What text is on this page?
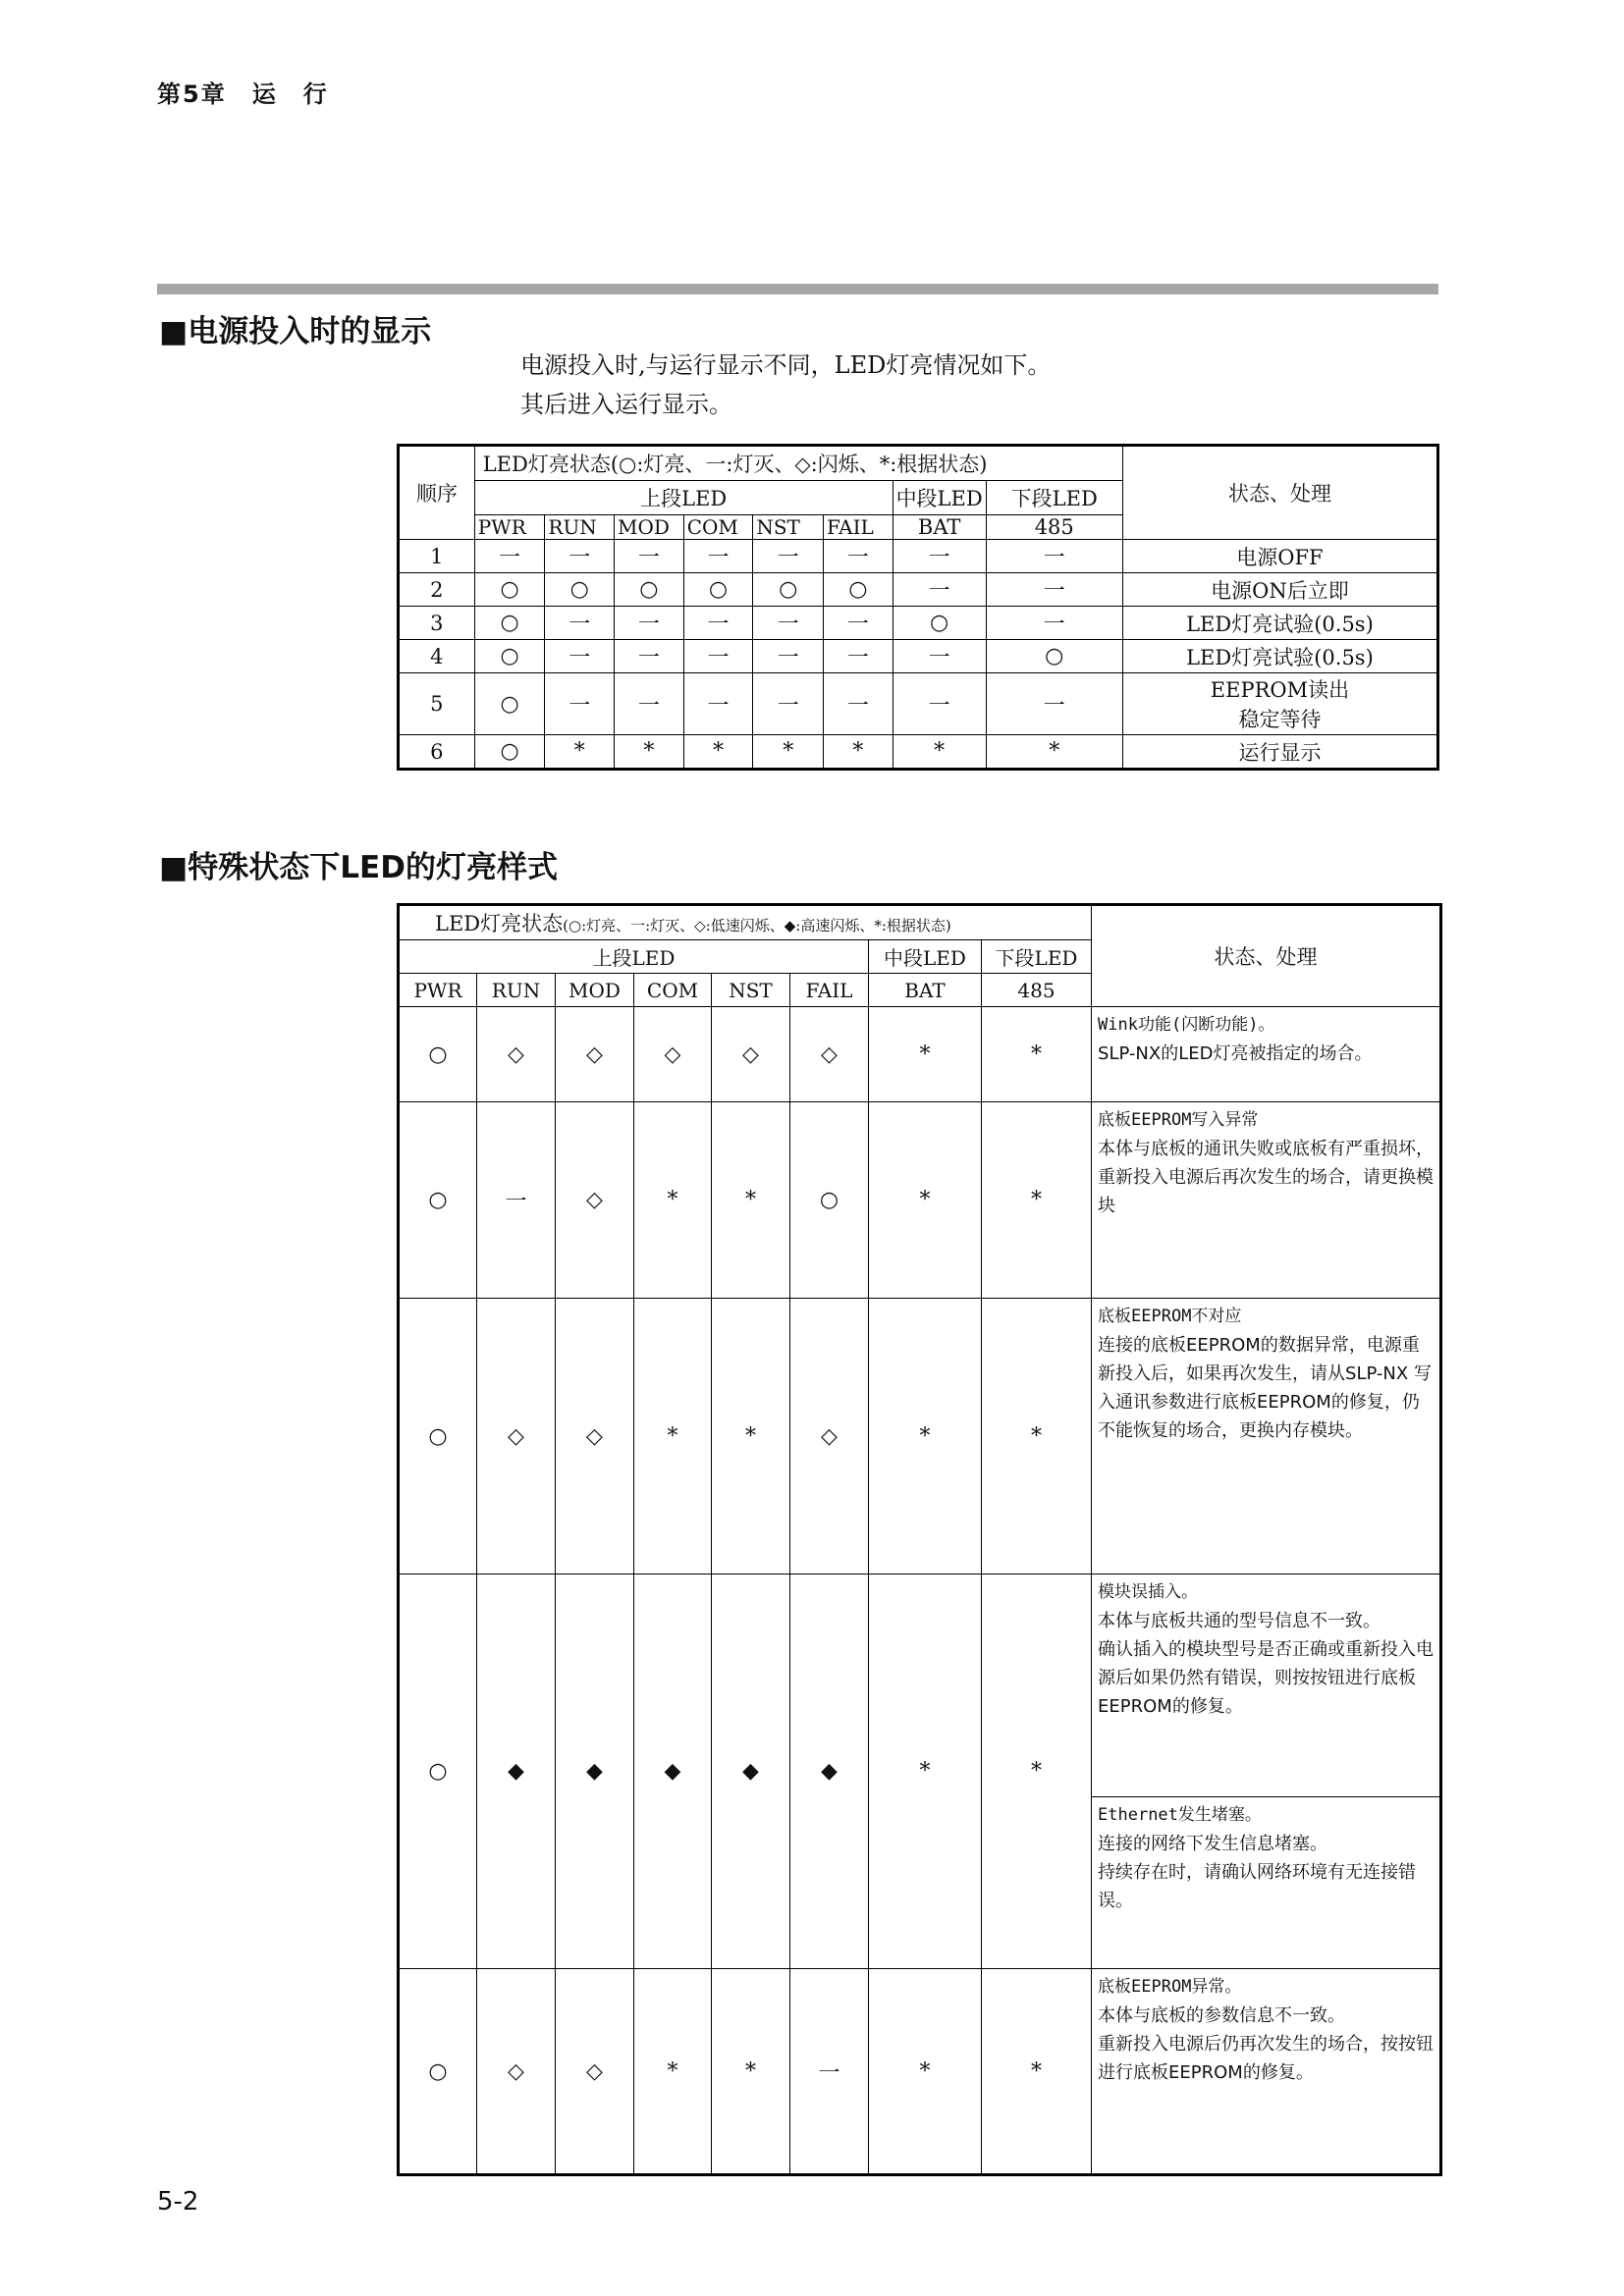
第5章　运　行
■电源投入时的显示
电源投入时,与运行显示不同，LED灯亮情况如下。
其后进入运行显示。
顺序	LED灯亮状态(○:灯亮、一:灯灭、◇:闪烁、*:根据状态)								状态、处理
	上段LED						中段LED	下段LED	
	PWR	RUN	MOD	COM	NST	FAIL	BAT	485	
1	一	一	一	一	一	一	一	一	电源OFF

2	○	○	○	○	○	○	一	一	电源ON后立即

3	○	一	一	一	一	一	○	一	LED灯亮试验(0.5s)

4	○	一	一	一	一	一	一	○	LED灯亮试验(0.5s)

5	○	一	一	一	一	一	一	一	EEPROM读出
稳定等待

6	○	*	*	*	*	*	*	*	运行显示
■特殊状态下LED的灯亮样式
LED灯亮状态(○:灯亮、一:灯灭、◇:低速闪烁、◆:高速闪烁、*:根据状态)								状态、处理
上段LED						中段LED	下段LED	
PWR	RUN	MOD	COM	NST	FAIL	BAT	485	
○	◇	◇	◇	◇	◇	*	*	Wink功能(闪断功能)。

SLP-NX的LED灯亮被指定的场合。

○	一	◇	*	*	○	*	*	底板EEPROM写入异常

本体与底板的通讯失败或底板有严重损坏，重新投入电源后再次发生的场合，请更换模块

○	◇	◇	*	*	◇	*	*	底板EEPROM不对应

连接的底板EEPROM的数据异常，电源重新投入后，如果再次发生，请从SLP-NX 写入通讯参数进行底板EEPROM的修复，仍不能恢复的场合，更换内存模块。

○	◆	◆	◆	◆	◆	*	*	模块误插入。

本体与底板共通的型号信息不一致。

确认插入的模块型号是否正确或重新投入电源后如果仍然有错误，则按按钮进行底板EEPROM的修复。

								Ethernet发生堵塞。

连接的网络下发生信息堵塞。

持续存在时，请确认网络环境有无连接错误。

○	◇	◇	*	*	一	*	*	底板EEPROM异常。

本体与底板的参数信息不一致。

重新投入电源后仍再次发生的场合，按按钮进行底板EEPROM的修复。

5-2
